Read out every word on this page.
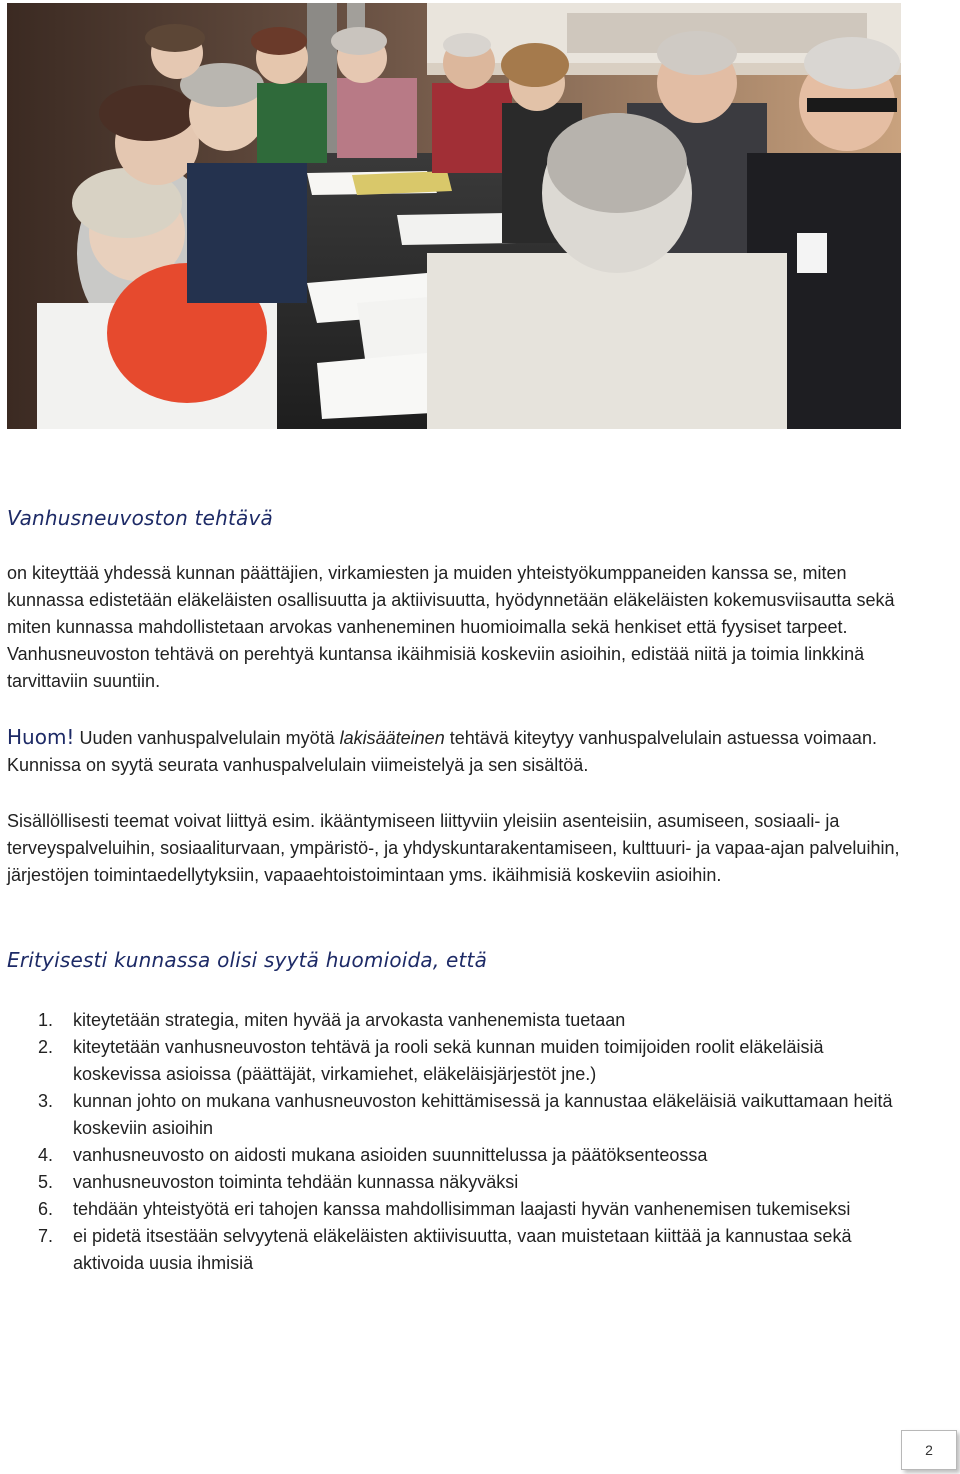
Vanhusneuvoston tehtävä
on kiteyttää yhdessä kunnan päättäjien, virkamiesten ja muiden yhteistyökumppaneiden kanssa se, miten kunnassa edistetään eläkeläisten osallisuutta ja aktiivisuutta, hyödynnetään eläkeläisten kokemusviisautta sekä miten kunnassa mahdollistetaan arvokas vanheneminen huomioimalla sekä henkiset että fyysiset tarpeet. Vanhusneuvoston tehtävä on perehtyä kuntansa ikäihmisiä koskeviin asioihin, edistää niitä ja toimia linkkinä tarvittaviin suuntiin.
Huom! Uuden vanhuspalvelulain myötä lakisääteinen tehtävä kiteytyy vanhuspalvelulain astuessa voimaan. Kunnissa on syytä seurata vanhuspalvelulain viimeistelyä ja sen sisältöä.
Sisällöllisesti teemat voivat liittyä esim. ikääntymiseen liittyviin yleisiin asenteisiin, asumiseen, sosiaali- ja terveyspalveluihin, sosiaaliturvaan, ympäristö-, ja yhdyskuntarakentamiseen, kulttuuri- ja vapaa-ajan palveluihin, järjestöjen toimintaedellytyksiin, vapaaehtoistoimintaan yms. ikäihmisiä koskeviin asioihin.
Erityisesti kunnassa olisi syytä huomioida, että
1. kiteytetään strategia, miten hyvää ja arvokasta vanhenemista tuetaan
2. kiteytetään vanhusneuvoston tehtävä ja rooli sekä kunnan muiden toimijoiden roolit eläkeläisiä koskevissa asioissa (päättäjät, virkamiehet, eläkeläisjärjestöt jne.)
3. kunnan johto on mukana vanhusneuvoston kehittämisessä ja kannustaa eläkeläisiä vaikuttamaan heitä koskeviin asioihin
4. vanhusneuvosto on aidosti mukana asioiden suunnittelussa ja päätöksenteossa
5. vanhusneuvoston toiminta tehdään kunnassa näkyväksi
6. tehdään yhteistyötä eri tahojen kanssa mahdollisimman laajasti hyvän vanhenemisen tukemiseksi
7. ei pidetä itsestään selvyytenä eläkeläisten aktiivisuutta, vaan muistetaan kiittää ja kannustaa sekä aktivoida uusia ihmisiä
2
